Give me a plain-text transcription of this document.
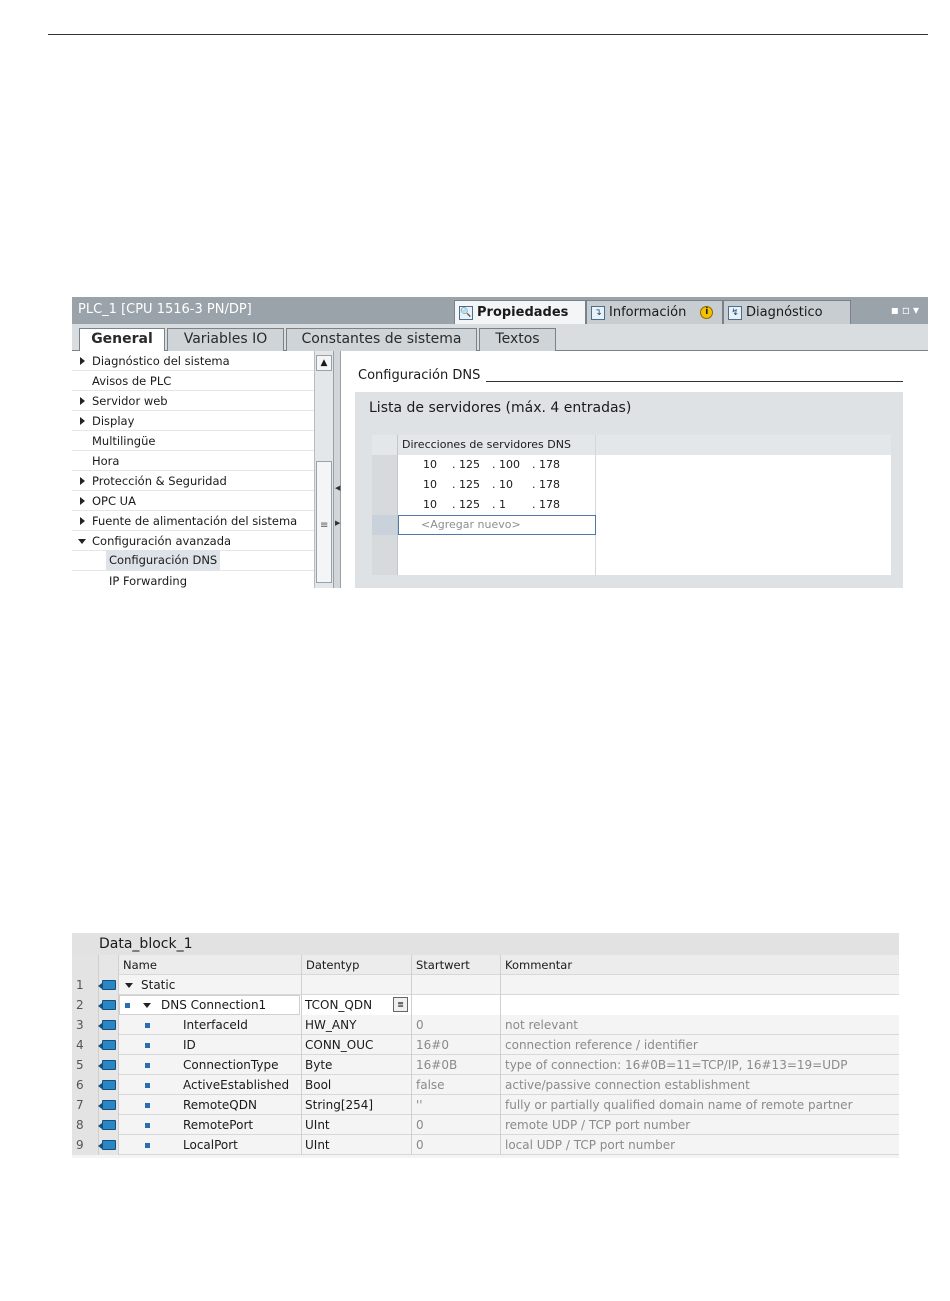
PLC_1 [CPU 1516-3 PN/DP]	🔍 Propiedades	↴ Información	i	↯ Diagnóstico	▪▫▾
General	Variables IO	Constantes de sistema	Textos
Diagnóstico del sistema
Avisos de PLC
Servidor web
Display
Multilingüe
Hora
Protección & Seguridad
OPC UA
Fuente de alimentación del sistema
Configuración avanzada
Configuración DNS
IP Forwarding
▲
≡
◀
▶
Configuración DNS
Lista de servidores (máx. 4 entradas)
Direcciones de servidores DNS
10 . 125 . 100 . 178
10 . 125 . 10 . 178
10 . 125 . 1 . 178
<Agregar nuevo>
Data_block_1
Name	Datentyp	Startwert	Kommentar
1	Static
2	DNS Connection1	TCON_QDN	≣
3	InterfaceId	HW_ANY	0	not relevant
4	ID	CONN_OUC	16#0	connection reference / identifier
5	ConnectionType	Byte	16#0B	type of connection: 16#0B=11=TCP/IP, 16#13=19=UDP
6	ActiveEstablished	Bool	false	active/passive connection establishment
7	RemoteQDN	String[254]	''	fully or partially qualified domain name of remote partner
8	RemotePort	UInt	0	remote UDP / TCP port number
9	LocalPort	UInt	0	local UDP / TCP port number
